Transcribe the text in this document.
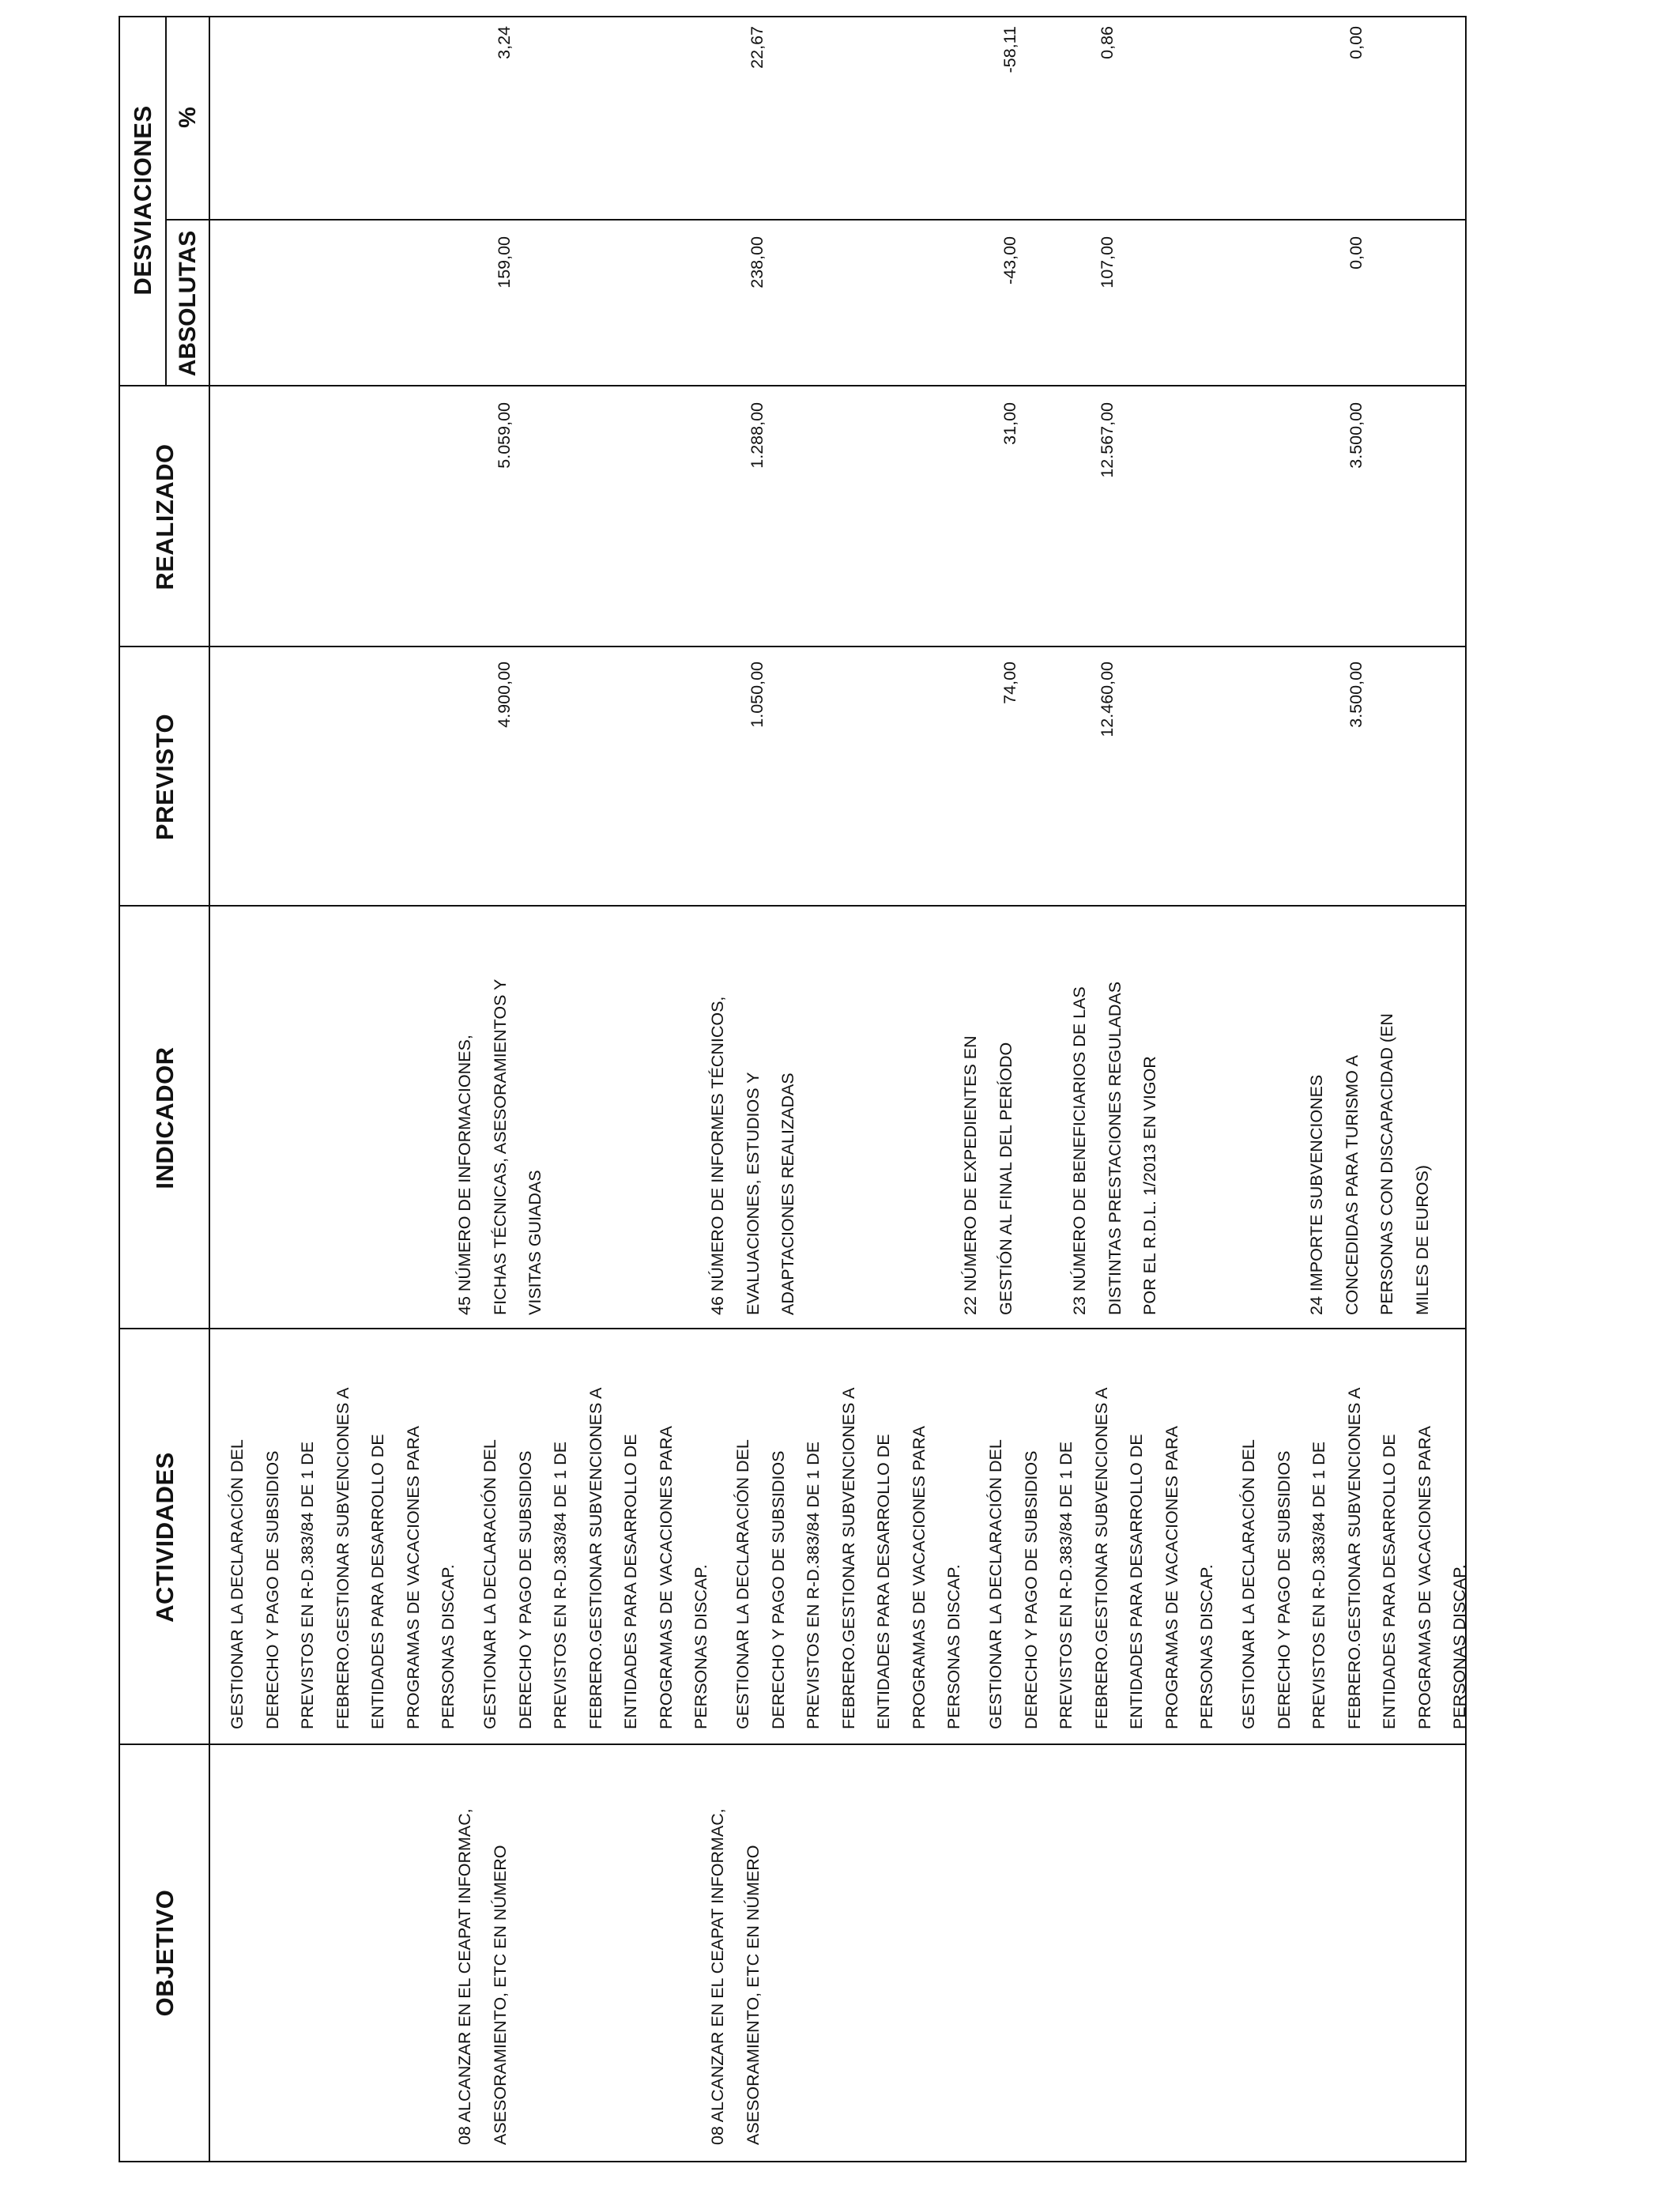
OBJETIVO
ACTIVIDADES
INDICADOR
PREVISTO
REALIZADO
DESVIACIONES
ABSOLUTAS
%
08 ALCANZAR EN EL CEAPAT INFORMAC,
ASESORAMIENTO, ETC EN NÚMERO
GESTIONAR LA DECLARACIÓN DEL
DERECHO Y PAGO DE SUBSIDIOS
PREVISTOS EN R-D.383/84 DE 1 DE
FEBRERO.GESTIONAR SUBVENCIONES A
ENTIDADES PARA DESARROLLO DE
PROGRAMAS DE VACACIONES PARA
PERSONAS DISCAP.
45 NÚMERO DE INFORMACIONES,
FICHAS TÉCNICAS, ASESORAMIENTOS Y
VISITAS GUIADAS
4.900,00
5.059,00
159,00
3,24
08 ALCANZAR EN EL CEAPAT INFORMAC,
ASESORAMIENTO, ETC EN NÚMERO
GESTIONAR LA DECLARACIÓN DEL
DERECHO Y PAGO DE SUBSIDIOS
PREVISTOS EN R-D.383/84 DE 1 DE
FEBRERO.GESTIONAR SUBVENCIONES A
ENTIDADES PARA DESARROLLO DE
PROGRAMAS DE VACACIONES PARA
PERSONAS DISCAP.
46 NÚMERO DE INFORMES TÉCNICOS,
EVALUACIONES, ESTUDIOS Y
ADAPTACIONES REALIZADAS
1.050,00
1.288,00
238,00
22,67
GESTIONAR LA DECLARACIÓN DEL
DERECHO Y PAGO DE SUBSIDIOS
PREVISTOS EN R-D.383/84 DE 1 DE
FEBRERO.GESTIONAR SUBVENCIONES A
ENTIDADES PARA DESARROLLO DE
PROGRAMAS DE VACACIONES PARA
PERSONAS DISCAP.
22 NÚMERO DE EXPEDIENTES EN
GESTIÓN AL FINAL DEL PERÍODO
74,00
31,00
-43,00
-58,11
GESTIONAR LA DECLARACIÓN DEL
DERECHO Y PAGO DE SUBSIDIOS
PREVISTOS EN R-D.383/84 DE 1 DE
FEBRERO.GESTIONAR SUBVENCIONES A
ENTIDADES PARA DESARROLLO DE
PROGRAMAS DE VACACIONES PARA
PERSONAS DISCAP.
23 NÚMERO DE BENEFICIARIOS DE LAS
DISTINTAS PRESTACIONES REGULADAS
POR EL R.D.L. 1/2013 EN VIGOR
12.460,00
12.567,00
107,00
0,86
GESTIONAR LA DECLARACIÓN DEL
DERECHO Y PAGO DE SUBSIDIOS
PREVISTOS EN R-D.383/84 DE 1 DE
FEBRERO.GESTIONAR SUBVENCIONES A
ENTIDADES PARA DESARROLLO DE
PROGRAMAS DE VACACIONES PARA
PERSONAS DISCAP.
24 IMPORTE SUBVENCIONES
CONCEDIDAS PARA TURISMO A
PERSONAS CON DISCAPACIDAD (EN
MILES DE EUROS)
3.500,00
3.500,00
0,00
0,00
